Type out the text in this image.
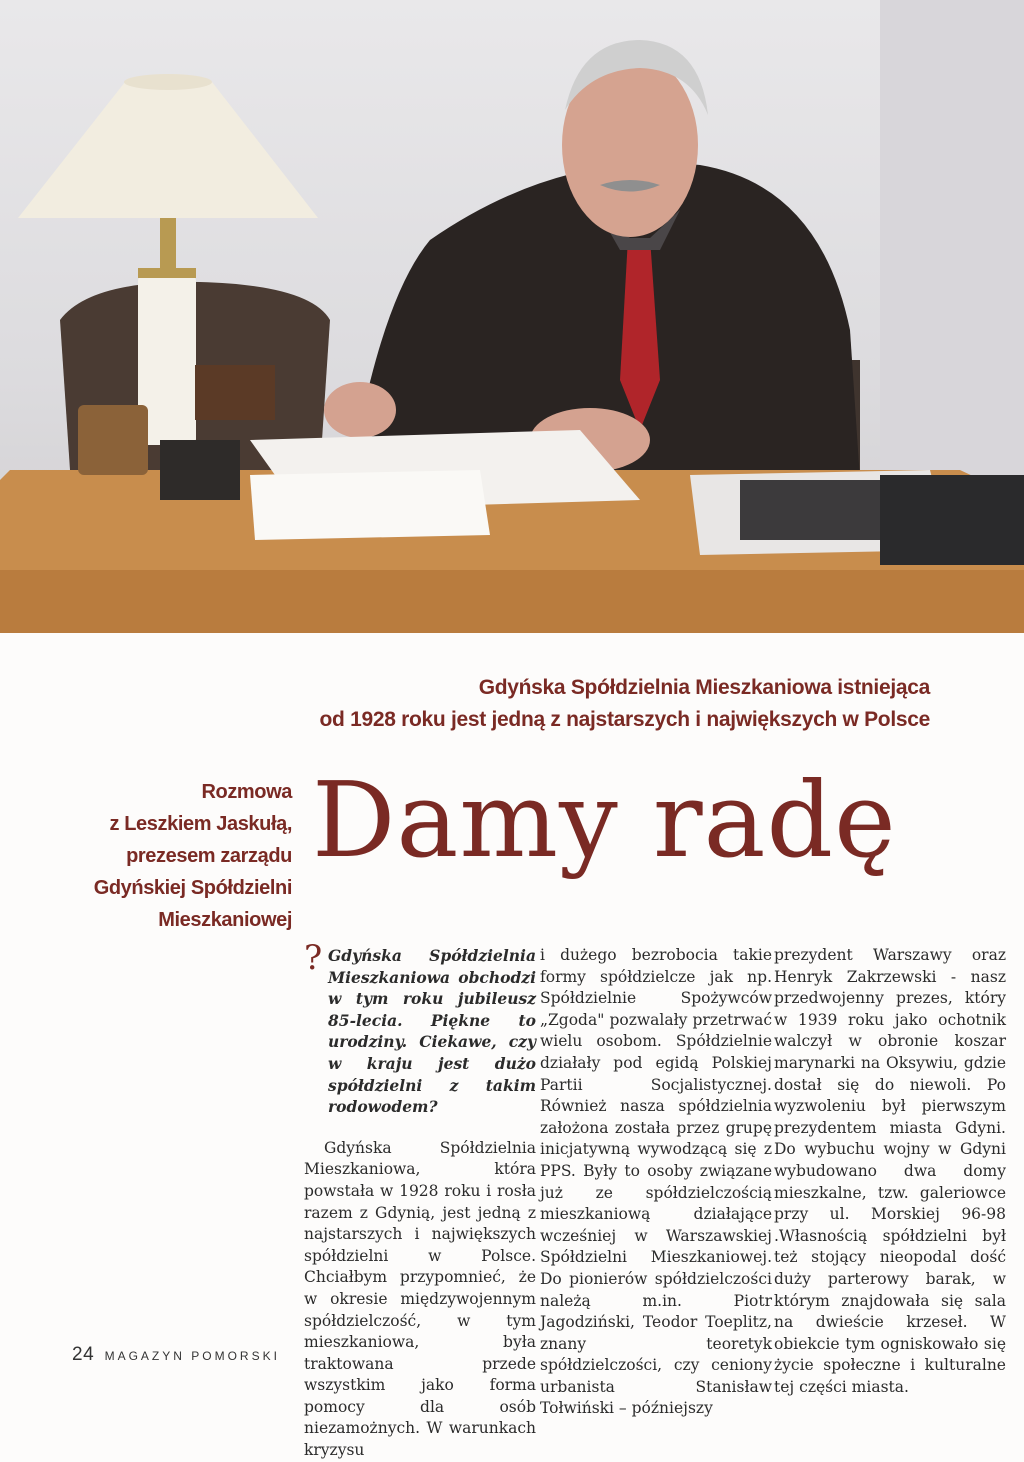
Gdyńska Spółdzielnia Mieszkaniowa istniejąca
od 1928 roku jest jedną z najstarszych i największych w Polsce
Rozmowa
z Leszkiem Jaskułą,
prezesem zarządu
Gdyńskiej Spółdzielni
Mieszkaniowej
Damy radę

? Gdyńska Spółdzielnia Mieszkaniowa obchodzi w tym roku jubileusz 85-lecia. Piękne to urodziny. Ciekawe, czy w kraju jest dużo spółdzielni z takim rodowodem?

Gdyńska Spółdzielnia Mieszkaniowa, która powstała w 1928 roku i rosła razem z Gdynią, jest jedną z najstarszych i największych spółdzielni w Polsce. Chciałbym przypomnieć, że w okresie międzywojennym spółdzielczość, w tym mieszkaniowa, była traktowana przede wszystkim jako forma pomocy dla osób niezamożnych. W warunkach kryzysu

i dużego bezrobocia takie formy spółdzielcze jak np. Spółdzielnie Spożywców „Zgoda" pozwalały przetrwać wielu osobom. Spółdzielnie działały pod egidą Polskiej Partii Socjalistycznej. Również nasza spółdzielnia założona została przez grupę inicjatywną wywodzącą się z PPS. Były to osoby związane już ze spółdzielczością mieszkaniową działające wcześniej w Warszawskiej Spółdzielni Mieszkaniowej. Do pionierów spółdzielczości należą m.in. Piotr Jagodziński, Teodor Toeplitz, znany teoretyk spółdzielczości, czy ceniony urbanista Stanisław Tołwiński – późniejszy

prezydent Warszawy oraz Henryk Zakrzewski - nasz przedwojenny prezes, który w 1939 roku jako ochotnik walczył w obronie koszar marynarki na Oksywiu, gdzie dostał się do niewoli. Po wyzwoleniu był pierwszym prezydentem miasta Gdyni. Do wybuchu wojny w Gdyni wybudowano dwa domy mieszkalne, tzw. galeriowce przy ul. Morskiej 96-98 .Własnością spółdzielni był też stojący nieopodal dość duży parterowy barak, w którym znajdowała się sala na dwieście krzeseł. W obiekcie tym ogniskowało się życie społeczne i kulturalne tej części miasta.

24 MAGAZYN POMORSKI
